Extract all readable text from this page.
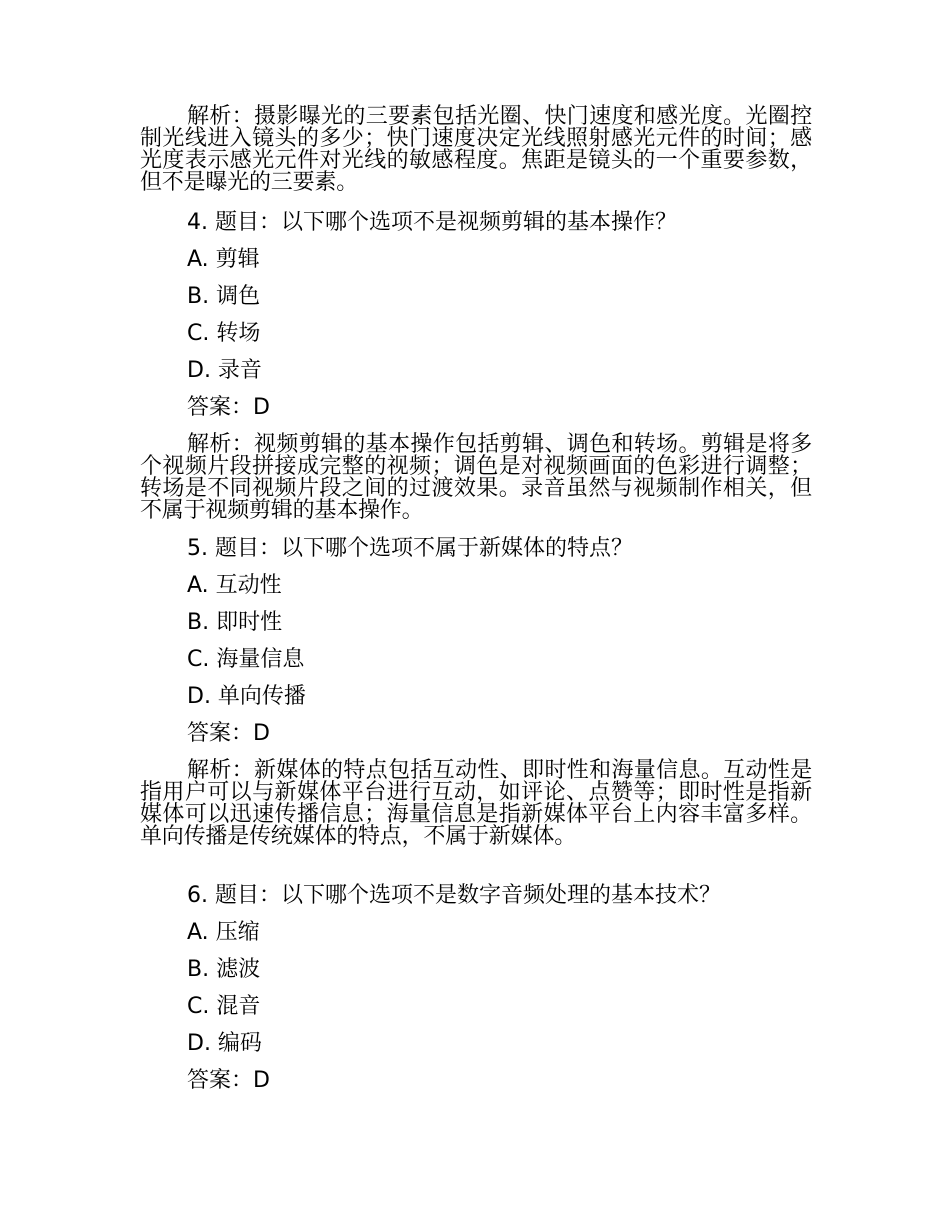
解析：摄影曝光的三要素包括光圈、快门速度和感光度。光圈控制光线进入镜头的多少；快门速度决定光线照射感光元件的时间；感光度表示感光元件对光线的敏感程度。焦距是镜头的一个重要参数，但不是曝光的三要素。

4. 题目：以下哪个选项不是视频剪辑的基本操作？

A. 剪辑

B. 调色

C. 转场

D. 录音

答案：D

解析：视频剪辑的基本操作包括剪辑、调色和转场。剪辑是将多个视频片段拼接成完整的视频；调色是对视频画面的色彩进行调整；转场是不同视频片段之间的过渡效果。录音虽然与视频制作相关，但不属于视频剪辑的基本操作。

5. 题目：以下哪个选项不属于新媒体的特点？

A. 互动性

B. 即时性

C. 海量信息

D. 单向传播

答案：D

解析：新媒体的特点包括互动性、即时性和海量信息。互动性是指用户可以与新媒体平台进行互动，如评论、点赞等；即时性是指新媒体可以迅速传播信息；海量信息是指新媒体平台上内容丰富多样。单向传播是传统媒体的特点，不属于新媒体。

6. 题目：以下哪个选项不是数字音频处理的基本技术？

A. 压缩

B. 滤波

C. 混音

D. 编码

答案：D
